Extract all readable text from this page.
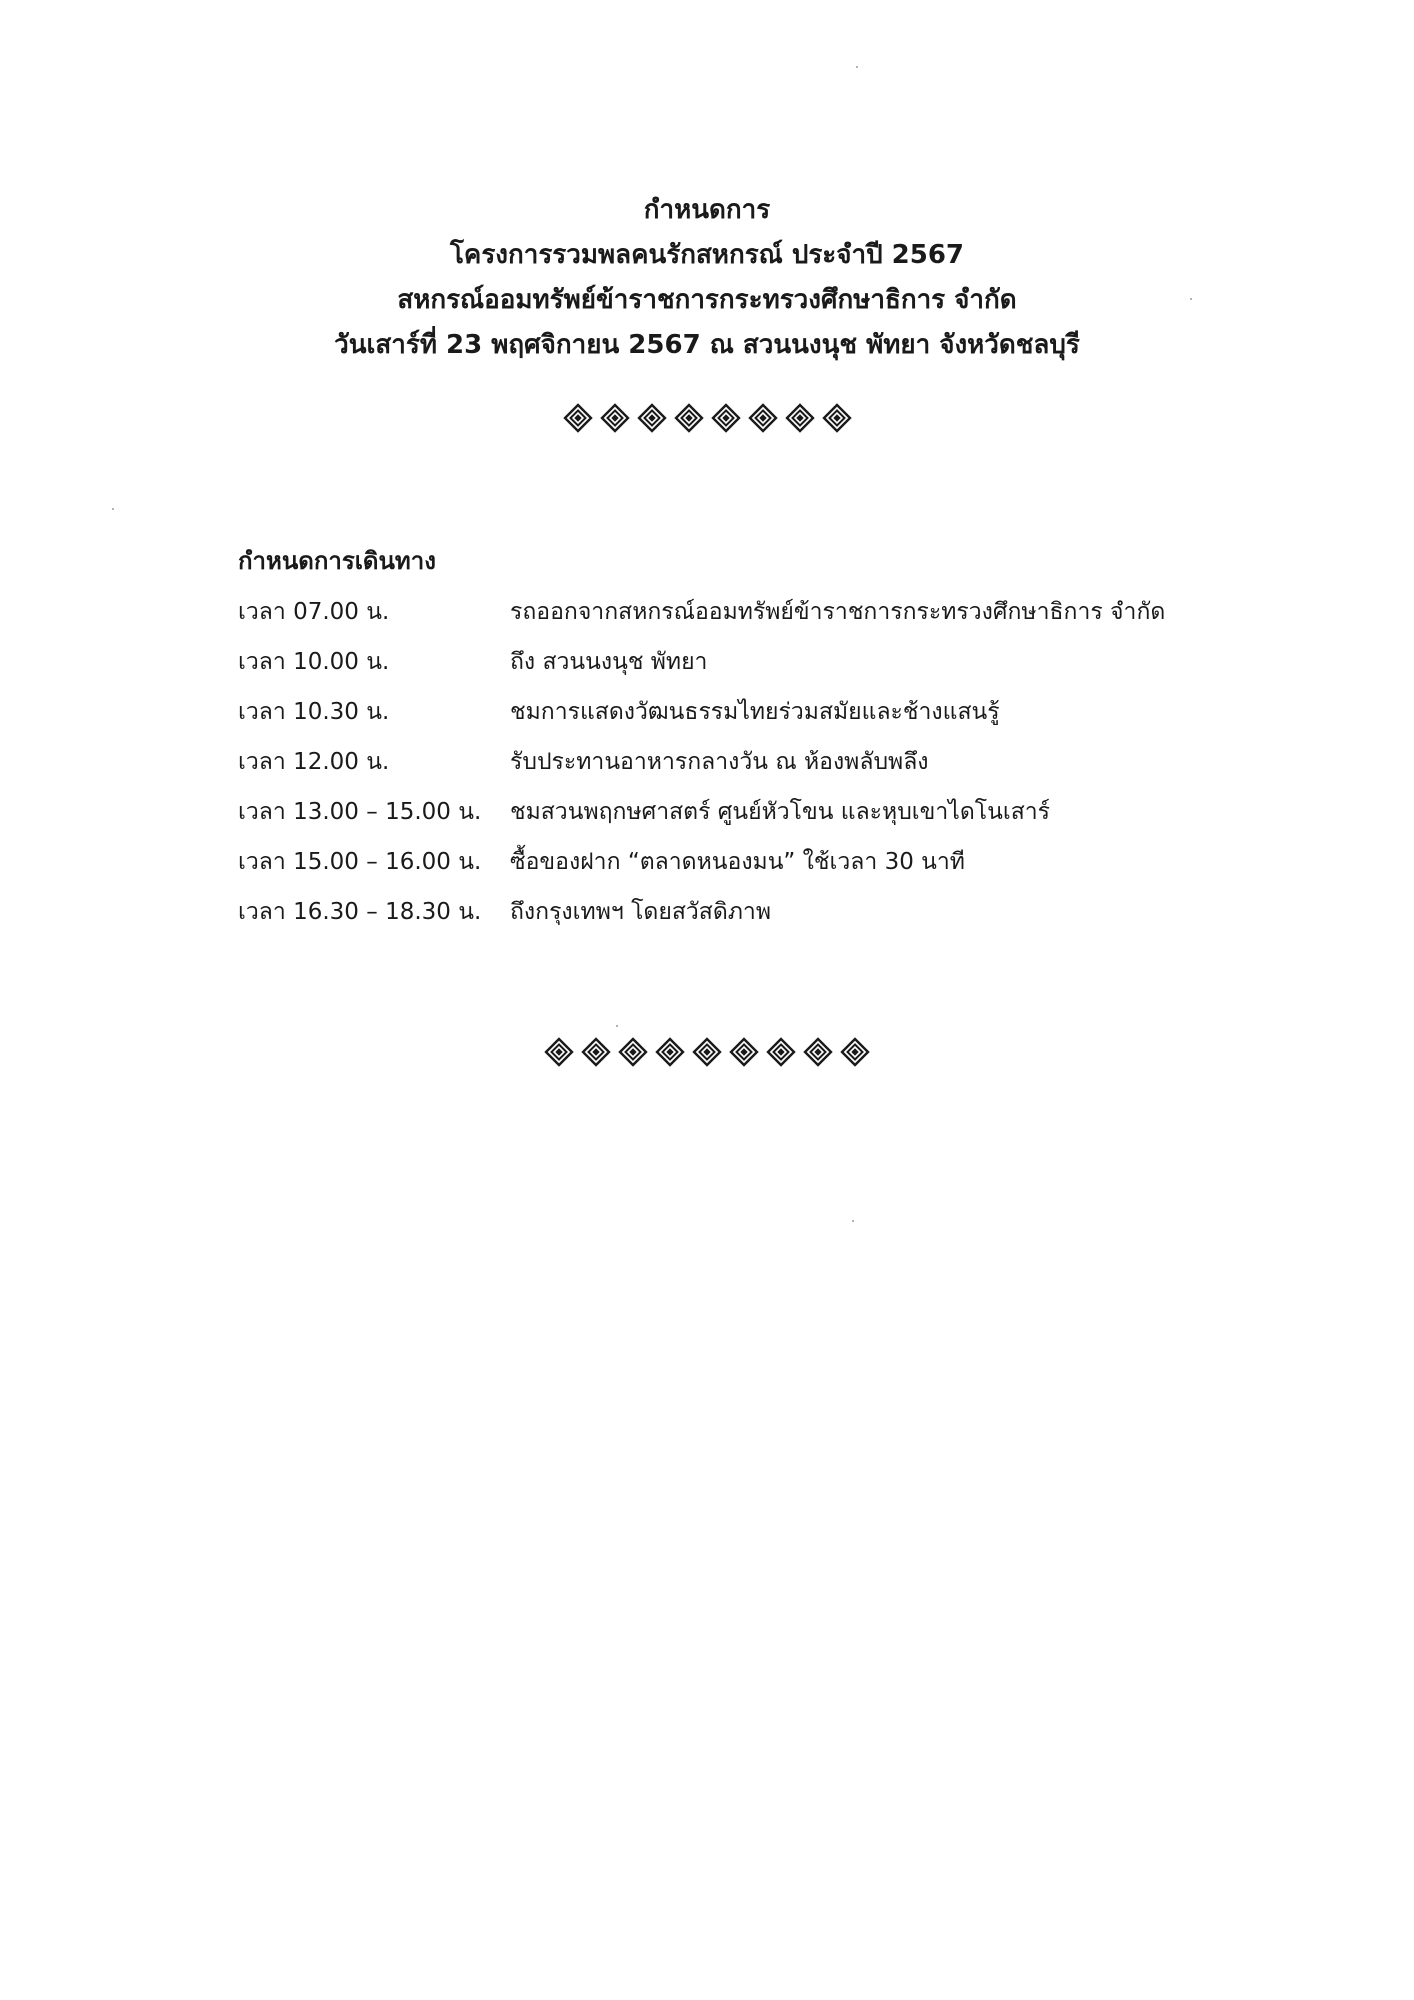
กำหนดการ
โครงการรวมพลคนรักสหกรณ์ ประจำปี 2567
สหกรณ์ออมทรัพย์ข้าราชการกระทรวงศึกษาธิการ จำกัด
วันเสาร์ที่ 23 พฤศจิกายน 2567 ณ สวนนงนุช พัทยา จังหวัดชลบุรี
กำหนดการเดินทาง
เวลา 07.00 น.	รถออกจากสหกรณ์ออมทรัพย์ข้าราชการกระทรวงศึกษาธิการ จำกัด
เวลา 10.00 น.	ถึง สวนนงนุช พัทยา
เวลา 10.30 น.	ชมการแสดงวัฒนธรรมไทยร่วมสมัยและช้างแสนรู้
เวลา 12.00 น.	รับประทานอาหารกลางวัน ณ ห้องพลับพลึง
เวลา 13.00 – 15.00 น.	ชมสวนพฤกษศาสตร์ ศูนย์หัวโขน และหุบเขาไดโนเสาร์
เวลา 15.00 – 16.00 น.	ซื้อของฝาก “ตลาดหนองมน” ใช้เวลา 30 นาที
เวลา 16.30 – 18.30 น.	ถึงกรุงเทพฯ โดยสวัสดิภาพ
